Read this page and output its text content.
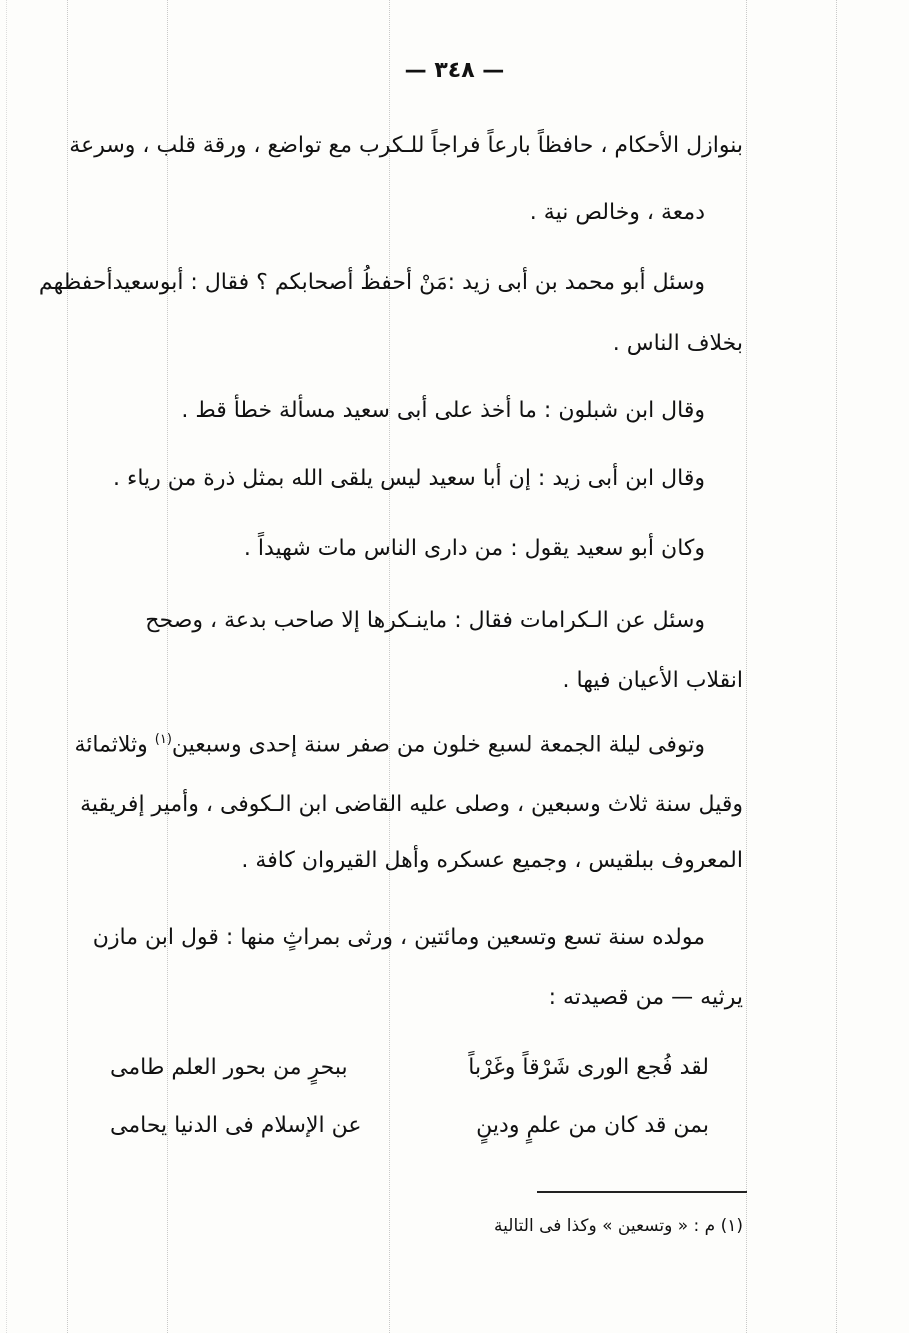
— ٣٤٨ —
بنوازل الأحكام ، حافظاً بارعاً فراجاً للـكرب مع تواضع ، ورقة قلب ، وسرعة
دمعة ، وخالص نية .
وسئل أبو محمد بن أبى زيد :مَنْ أحفظُ أصحابكم ؟ فقال : أبوسعيدأحفظهم
بخلاف الناس .
وقال ابن شبلون : ما أخذ على أبى سعيد مسألة خطأ قط .
وقال ابن أبى زيد : إن أبا سعيد ليس يلقى الله بمثل ذرة من رياء .
وكان أبو سعيد يقول : من دارى الناس مات شهيداً .
وسئل عن الـكرامات فقال : ماينـكرها إلا صاحب بدعة ، وصحح
انقلاب الأعيان فيها .
وتوفى ليلة الجمعة لسبع خلون من صفر سنة إحدى وسبعين$^{(١)}$ وثلاثمائة
وقيل سنة ثلاث وسبعين ، وصلى عليه القاضى ابن الـكوفى ، وأمير إفريقية
المعروف ببلقيس ، وجميع عسكره وأهل القيروان كافة .
مولده سنة تسع وتسعين ومائتين ، ورثى بمراثٍ منها : قول ابن مازن
يرثيه — من قصيدته :
لقد فُجع الورى شَرْقاً وغَرْباً
ببحرٍ من بحور العلم طامى
بمن قد كان من علمٍ ودينٍ
عن الإسلام فى الدنيا يحامى
(١) م : « وتسعين » وكذا فى التالية
